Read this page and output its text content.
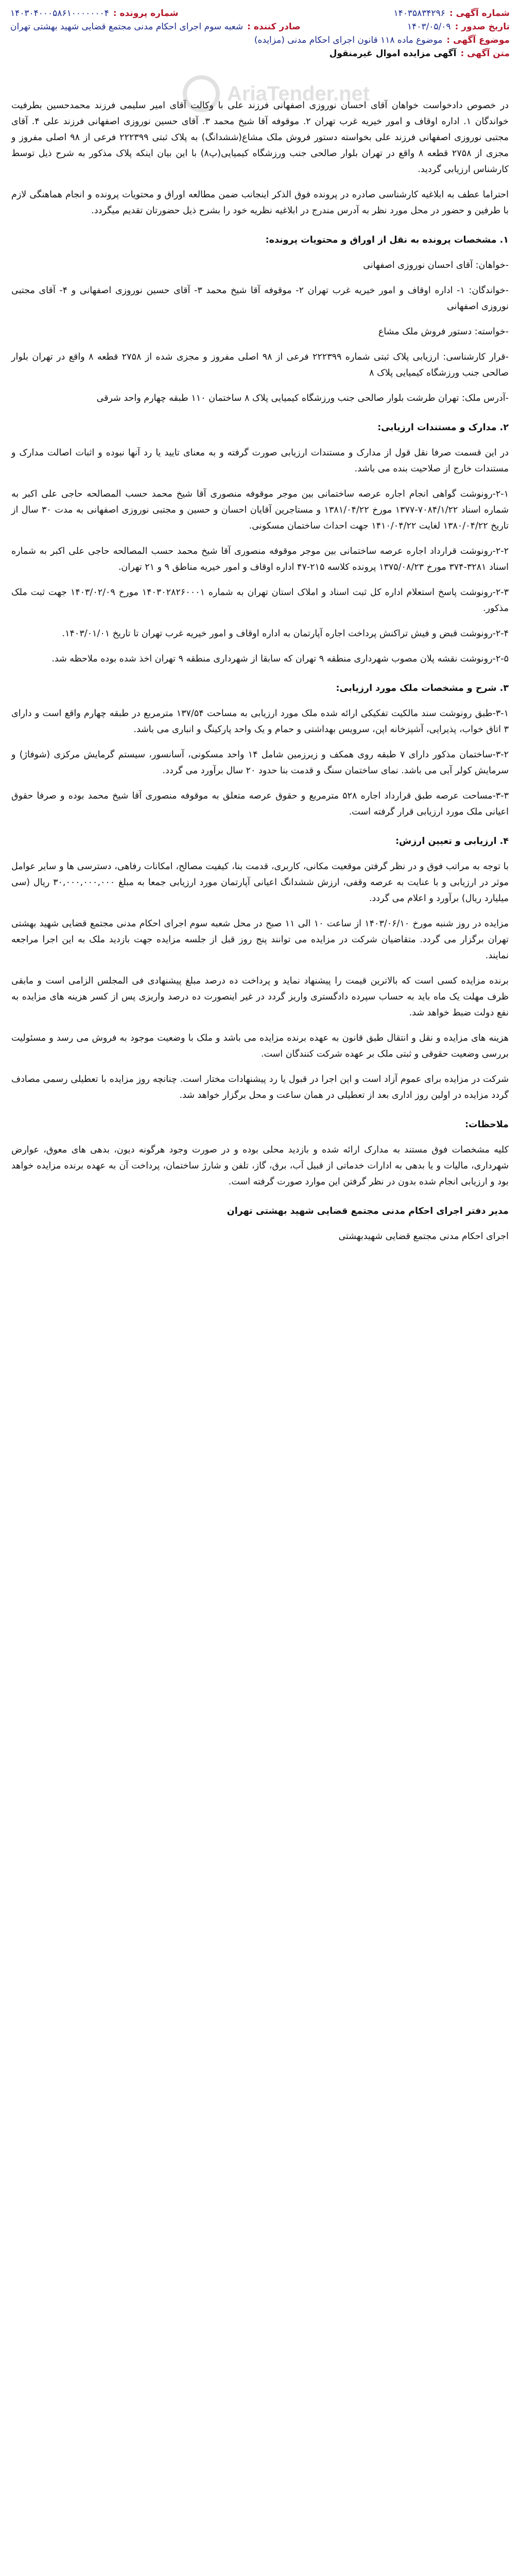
شماره آگهی :
۱۴۰۳۵۸۳۴۲۹۶
شماره پرونده :
۱۴۰۳۰۴۰۰۰۵۸۶۱۰۰۰۰۰۰۰۴
تاریخ صدور :
۱۴۰۳/۰۵/۰۹
صادر کننده :
شعبه سوم اجرای احکام مدنی مجتمع قضایی شهید بهشتی تهران
موضوع آگهی :
موضوع ماده ۱۱۸ قانون اجرای احکام مدنی (مزایده)
متن آگهی :
آگهی مزایده اموال غیرمنقول
AriaTender.net

در خصوص دادخواست خواهان آقای احسان نوروزی اصفهانی فرزند علی با وکالت آقای امیر سلیمی فرزند محمدحسین بطرفیت خواندگان ۱. اداره اوقاف و امور خیریه غرب تهران ۲. موقوفه آقا شیخ محمد ۳. آقای حسین نوروزی اصفهانی فرزند علی ۴. آقای مجتبی نوروزی اصفهانی فرزند علی بخواسته دستور فروش ملک مشاع(ششدانگ) به پلاک ثبتی ۲۲۲۳۹۹ فرعی از ۹۸ اصلی مفروز و مجزی از ۲۷۵۸ قطعه ۸ واقع در تهران بلوار صالحی جنب ورزشگاه کیمیایی(پ۸) با این بیان اینکه پلاک مذکور به شرح ذیل توسط کارشناس ارزیابی گردید.

احتراما عطف به ابلاغیه کارشناسی صادره در پرونده فوق الذکر اینجانب ضمن مطالعه اوراق و محتویات پرونده و انجام هماهنگی لازم با طرفین و حضور در محل مورد نظر به آدرس مندرج در ابلاغیه نظریه خود را بشرح ذیل حضورتان تقدیم میگردد.

۱. مشخصات پرونده به نقل از اوراق و محتویات پرونده:

-خواهان: آقای احسان نوروزی اصفهانی

-خواندگان: ۱- اداره اوقاف و امور خیریه غرب تهران ۲- موقوفه آقا شیخ محمد ۳- آقای حسین نوروزی اصفهانی و ۴- آقای مجتبی نوروزی اصفهانی

-خواسته: دستور فروش ملک مشاع

-قرار کارشناسی: ارزیابی پلاک ثبتی شماره ۲۲۲۳۹۹ فرعی از ۹۸ اصلی مفروز و مجزی شده از ۲۷۵۸ قطعه ۸ واقع در تهران بلوار صالحی جنب ورزشگاه کیمیایی پلاک ۸

-آدرس ملک: تهران طرشت بلوار صالحی جنب ورزشگاه کیمیایی پلاک ۸ ساختمان ۱۱۰ طبقه چهارم واحد شرقی

۲. مدارک و مستندات ارزیابی:

در این قسمت صرفا نقل قول از مدارک و مستندات ارزیابی صورت گرفته و به معنای تایید یا رد آنها نبوده و اثبات اصالت مدارک و مستندات خارج از صلاحیت بنده می باشد.

۲-۱-رونوشت گواهی انجام اجاره عرصه ساختمانی بین موجر موقوفه منصوری آقا شیخ محمد حسب المصالحه حاجی علی اکبر به شماره اسناد ۷۰۸۴/۱/۲۲-۱۳۷۷ مورخ ۱۳۸۱/۰۴/۲۲ و مستاجرین آقایان احسان و حسین و مجتبی نوروزی اصفهانی به مدت ۳۰ سال از تاریخ ۱۳۸۰/۰۴/۲۲ لغایت ۱۴۱۰/۰۴/۲۲ جهت احداث ساختمان مسکونی.

۲-۲-رونوشت قرارداد اجاره عرصه ساختمانی بین موجر موقوفه منصوری آقا شیخ محمد حسب المصالحه حاجی علی اکبر به شماره اسناد ۳۲۸۱-۳۷۴ مورخ ۱۳۷۵/۰۸/۲۳ پرونده کلاسه ۲۱۵-۴۷ اداره اوقاف و امور خیریه مناطق ۹ و ۲۱ تهران.

۲-۳-رونوشت پاسخ استعلام اداره کل ثبت اسناد و املاک استان تهران به شماره ۱۴۰۳۰۲۸۲۶۰۰۰۱ مورخ ۱۴۰۳/۰۲/۰۹ جهت ثبت ملک مذکور.

۲-۴-رونوشت قبض و فیش تراکنش پرداخت اجاره آپارتمان به اداره اوقاف و امور خیریه غرب تهران تا تاریخ ۱۴۰۳/۰۱/۰۱.

۲-۵-رونوشت نقشه پلان مصوب شهرداری منطقه ۹ تهران که سابقا از شهرداری منطقه ۹ تهران اخذ شده بوده ملاحظه شد.

۳. شرح و مشخصات ملک مورد ارزیابی:

۳-۱-طبق رونوشت سند مالکیت تفکیکی ارائه شده ملک مورد ارزیابی به مساحت ۱۳۷/۵۴ مترمربع در طبقه چهارم واقع است و دارای ۳ اتاق خواب، پذیرایی، آشپزخانه اپن، سرویس بهداشتی و حمام و یک واحد پارکینگ و انباری می باشد.

۳-۲-ساختمان مذکور دارای ۷ طبقه روی همکف و زیرزمین شامل ۱۴ واحد مسکونی، آسانسور، سیستم گرمایش مرکزی (شوفاژ) و سرمایش کولر آبی می باشد. نمای ساختمان سنگ و قدمت بنا حدود ۲۰ سال برآورد می گردد.

۳-۳-مساحت عرصه طبق قرارداد اجاره ۵۲۸ مترمربع و حقوق عرصه متعلق به موقوفه منصوری آقا شیخ محمد بوده و صرفا حقوق اعیانی ملک مورد ارزیابی قرار گرفته است.

۴. ارزیابی و تعیین ارزش:

با توجه به مراتب فوق و در نظر گرفتن موقعیت مکانی، کاربری، قدمت بنا، کیفیت مصالح، امکانات رفاهی، دسترسی ها و سایر عوامل موثر در ارزیابی و با عنایت به عرصه وقفی، ارزش ششدانگ اعیانی آپارتمان مورد ارزیابی جمعا به مبلغ ۳۰,۰۰۰,۰۰۰,۰۰۰ ریال (سی میلیارد ریال) برآورد و اعلام می گردد.

مزایده در روز شنبه مورخ ۱۴۰۳/۰۶/۱۰ از ساعت ۱۰ الی ۱۱ صبح در محل شعبه سوم اجرای احکام مدنی مجتمع قضایی شهید بهشتی تهران برگزار می گردد. متقاضیان شرکت در مزایده می توانند پنج روز قبل از جلسه مزایده جهت بازدید ملک به این اجرا مراجعه نمایند.

برنده مزایده کسی است که بالاترین قیمت را پیشنهاد نماید و پرداخت ده درصد مبلغ پیشنهادی فی المجلس الزامی است و مابقی ظرف مهلت یک ماه باید به حساب سپرده دادگستری واریز گردد در غیر اینصورت ده درصد واریزی پس از کسر هزینه های مزایده به نفع دولت ضبط خواهد شد.

هزینه های مزایده و نقل و انتقال طبق قانون به عهده برنده مزایده می باشد و ملک با وضعیت موجود به فروش می رسد و مسئولیت بررسی وضعیت حقوقی و ثبتی ملک بر عهده شرکت کنندگان است.

شرکت در مزایده برای عموم آزاد است و این اجرا در قبول یا رد پیشنهادات مختار است. چنانچه روز مزایده با تعطیلی رسمی مصادف گردد مزایده در اولین روز اداری بعد از تعطیلی در همان ساعت و محل برگزار خواهد شد.

ملاحظات:

کلیه مشخصات فوق مستند به مدارک ارائه شده و بازدید محلی بوده و در صورت وجود هرگونه دیون، بدهی های معوق، عوارض شهرداری، مالیات و یا بدهی به ادارات خدماتی از قبیل آب، برق، گاز، تلفن و شارژ ساختمان، پرداخت آن به عهده برنده مزایده خواهد بود و ارزیابی انجام شده بدون در نظر گرفتن این موارد صورت گرفته است.

مدیر دفتر اجرای احکام مدنی مجتمع قضایی شهید بهشتی تهران

اجرای احکام مدنی مجتمع قضایی شهیدبهشتی
